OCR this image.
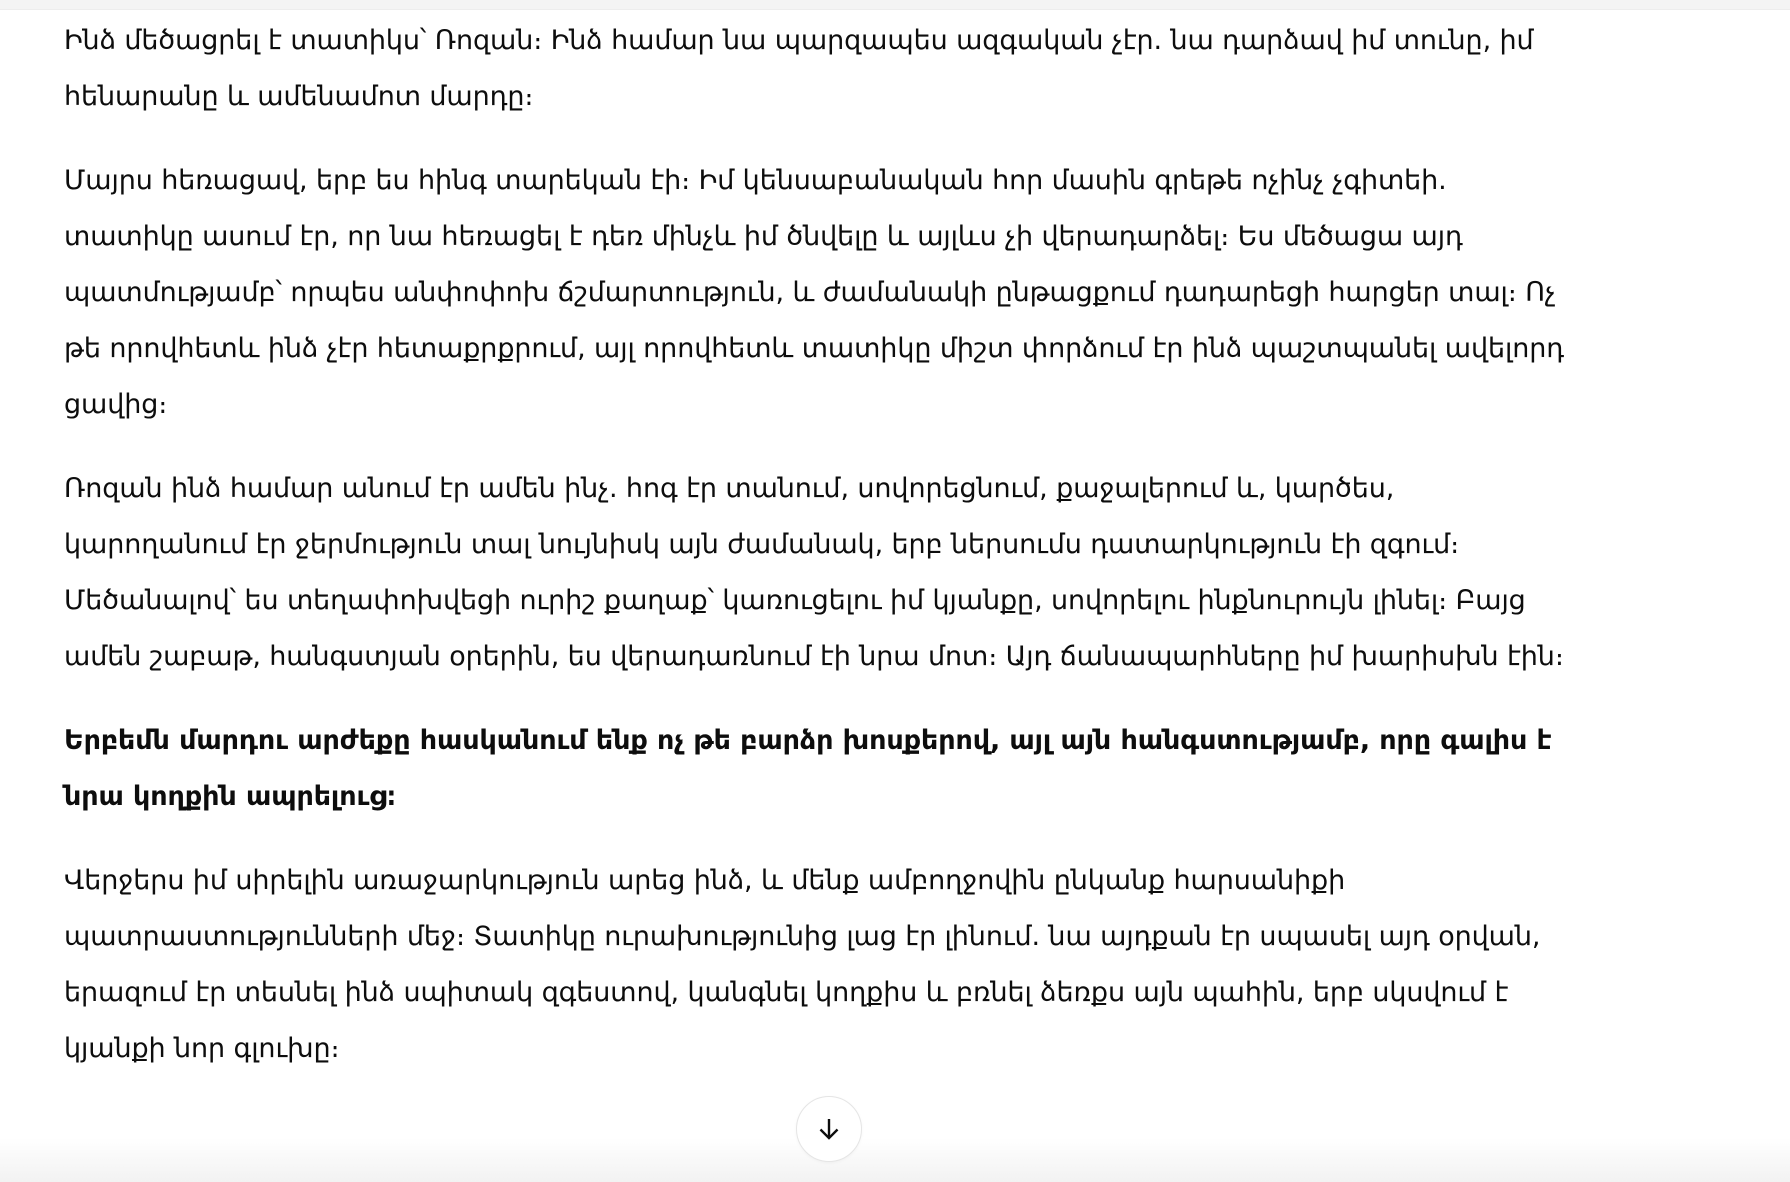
Ինձ մեծացրել է տատիկս՝ Ռոզան։ Ինձ համար նա պարզապես ազգական չէր. նա դարձավ իմ տունը, իմ հենարանը և ամենամոտ մարդը։

Մայրս հեռացավ, երբ ես հինգ տարեկան էի։ Իմ կենսաբանական հոր մասին գրեթե ոչինչ չգիտեի. տատիկը ասում էր, որ նա հեռացել է դեռ մինչև իմ ծնվելը և այլևս չի վերադարձել։ Ես մեծացա այդ պատմությամբ՝ որպես անփոփոխ ճշմարտություն, և ժամանակի ընթացքում դադարեցի հարցեր տալ։ Ոչ թե որովհետև ինձ չէր հետաքրքրում, այլ որովհետև տատիկը միշտ փորձում էր ինձ պաշտպանել ավելորդ ցավից։

Ռոզան ինձ համար անում էր ամեն ինչ. հոգ էր տանում, սովորեցնում, քաջալերում և, կարծես, կարողանում էր ջերմություն տալ նույնիսկ այն ժամանակ, երբ ներսումս դատարկություն էի զգում։ Մեծանալով՝ ես տեղափոխվեցի ուրիշ քաղաք՝ կառուցելու իմ կյանքը, սովորելու ինքնուրույն լինել։ Բայց ամեն շաբաթ, հանգստյան օրերին, ես վերադառնում էի նրա մոտ։ Այդ ճանապարհները իմ խարիսխն էին։

Երբեմն մարդու արժեքը հասկանում ենք ոչ թե բարձր խոսքերով, այլ այն հանգստությամբ, որը գալիս է նրա կողքին ապրելուց։

Վերջերս իմ սիրելին առաջարկություն արեց ինձ, և մենք ամբողջովին ընկանք հարսանիքի պատրաստությունների մեջ։ Տատիկը ուրախությունից լաց էր լինում. նա այդքան էր սպասել այդ օրվան, երազում էր տեսնել ինձ սպիտակ զգեստով, կանգնել կողքիս և բռնել ձեռքս այն պահին, երբ սկսվում է կյանքի նոր գլուխը։
